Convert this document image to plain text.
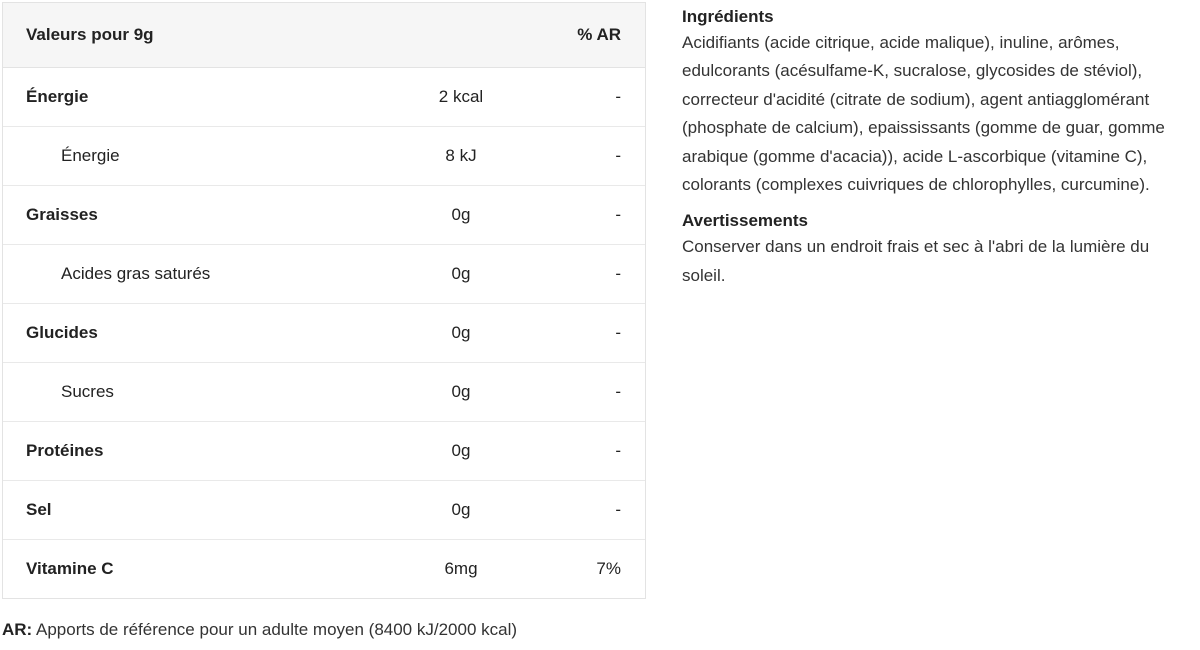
Valeurs pour 9g		% AR
Énergie	2 kcal	-
Énergie	8 kJ	-
Graisses	0g	-
Acides gras saturés	0g	-
Glucides	0g	-
Sucres	0g	-
Protéines	0g	-
Sel	0g	-
Vitamine C	6mg	7%
AR: Apports de référence pour un adulte moyen (8400 kJ/2000 kcal)
Ingrédients

Acidifiants (acide citrique, acide malique), inuline, arômes, edulcorants (acésulfame-K, sucralose, glycosides de stéviol), correcteur d'acidité (citrate de sodium), agent antiagglomérant (phosphate de calcium), epaississants (gomme de guar, gomme arabique (gomme d'acacia)), acide L-ascorbique (vitamine C), colorants (complexes cuivriques de chlorophylles, curcumine).

Avertissements

Conserver dans un endroit frais et sec à l'abri de la lumière du soleil.
